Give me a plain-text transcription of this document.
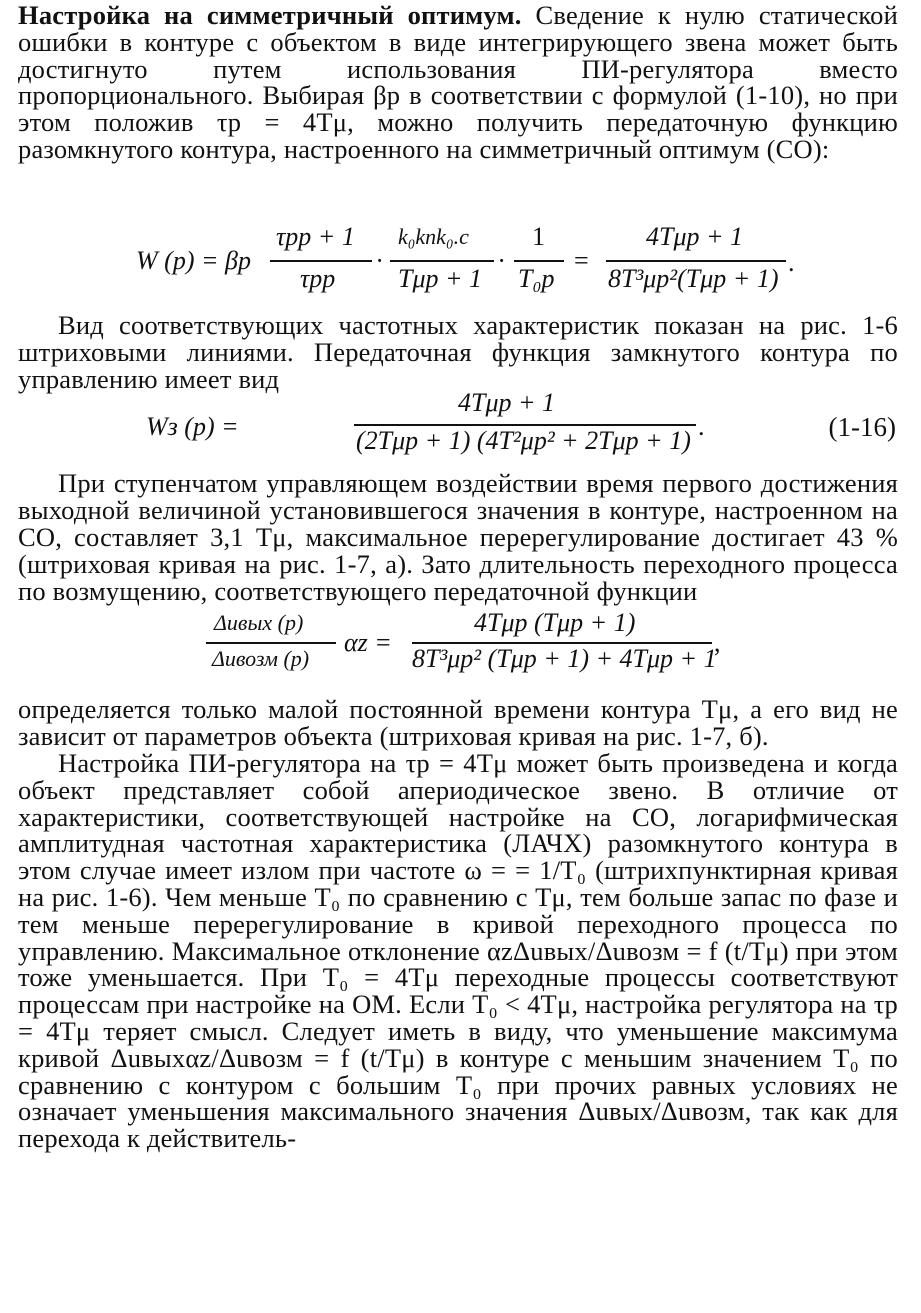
Настройка на симметричный оптимум. Сведение к нулю статической ошибки в контуре с объектом в виде интегрирующего звена может быть достигнуто путем использования ПИ-регулятора вместо пропорционального. Выбирая βр в соответствии с формулой (1-10), но при этом положив τр = 4Tμ, можно получить передаточную функцию разомкнутого контура, настроенного на симметричный оптимум (СО):

W (p) = βр
τрp + 1
τрp
·
k₀kпk₀.с
Tμp + 1
·
1
T₀p
=
4Tμp + 1
8T³μp²(Tμp + 1)
.

Вид соответствующих частотных характеристик показан на рис. 1-6 штриховыми линиями. Передаточная функция замкнутого контура по управлению имеет вид

Wз (p) =
4Tμp + 1
(2Tμp + 1) (4T²μp² + 2Tμp + 1) .	(1-16)

При ступенчатом управляющем воздействии время первого достижения выходной величиной установившегося значения в контуре, настроенном на СО, составляет 3,1 Tμ, максимальное перерегулирование достигает 43 % (штриховая кривая на рис. 1-7, а). Зато длительность переходного процесса по возмущению, соответствующего передаточной функции

Δuвых (p)
Δuвозм (p)
αz =
4Tμp (Tμp + 1)
8T³μp² (Tμp + 1) + 4Tμp + 1
,

определяется только малой постоянной времени контура Tμ, а его вид не зависит от параметров объекта (штриховая кривая на рис. 1-7, б).

Настройка ПИ-регулятора на τр = 4Tμ может быть произведена и когда объект представляет собой апериодическое звено. В отличие от характеристики, соответствующей настройке на СО, логарифмическая амплитудная частотная характеристика (ЛАЧХ) разомкнутого контура в этом случае имеет излом при частоте ω = = 1/T₀ (штрихпунктирная кривая на рис. 1-6). Чем меньше T₀ по сравнению с Tμ, тем больше запас по фазе и тем меньше перерегулирование в кривой переходного процесса по управлению. Максимальное отклонение αzΔuвых/Δuвозм = f (t/Tμ) при этом тоже уменьшается. При T₀ = 4Tμ переходные процессы соответствуют процессам при настройке на ОМ. Если T₀ < 4Tμ, настройка регулятора на τр = 4Tμ теряет смысл. Следует иметь в виду, что уменьшение максимума кривой Δuвыхαz/Δuвозм = f (t/Tμ) в контуре с меньшим значением T₀ по сравнению с контуром с большим T₀ при прочих равных условиях не означает уменьшения максимального значения Δuвых/Δuвозм, так как для перехода к действитель-
